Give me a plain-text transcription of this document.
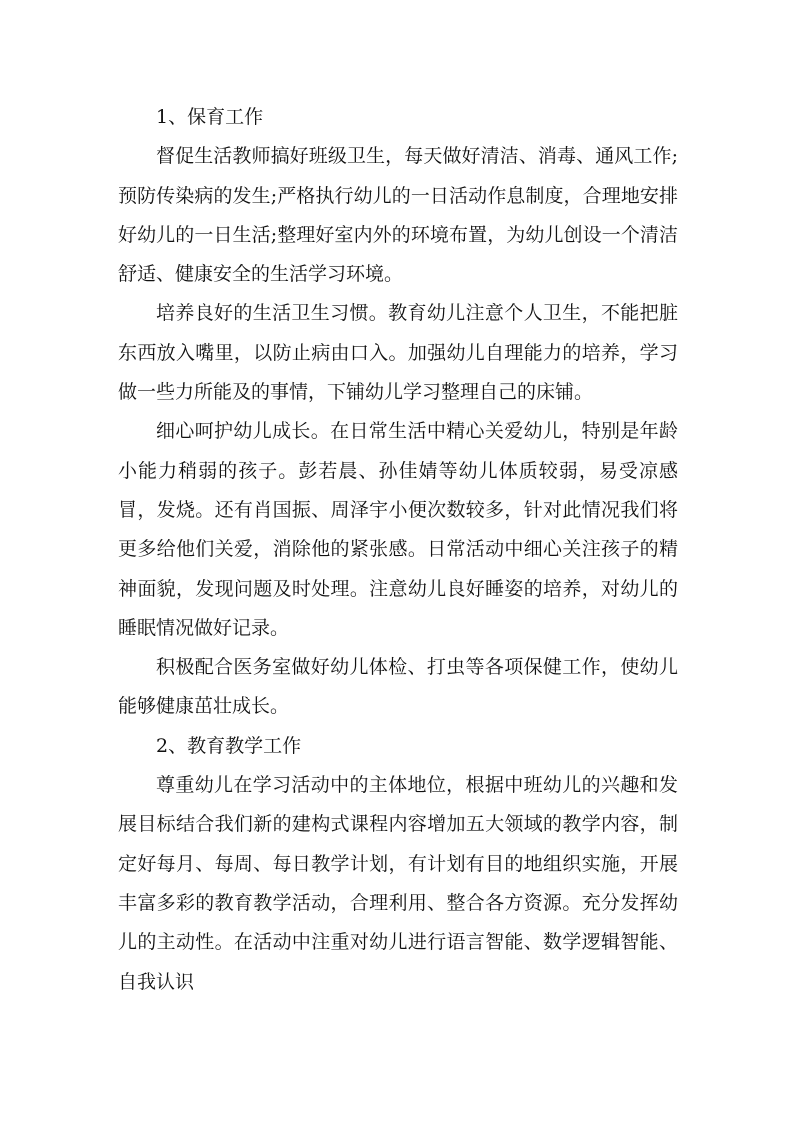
1、保育工作

督促生活教师搞好班级卫生，每天做好清洁、消毒、通风工作;预防传染病的发生;严格执行幼儿的一日活动作息制度，合理地安排好幼儿的一日生活;整理好室内外的环境布置，为幼儿创设一个清洁舒适、健康安全的生活学习环境。

培养良好的生活卫生习惯。教育幼儿注意个人卫生，不能把脏东西放入嘴里，以防止病由口入。加强幼儿自理能力的培养，学习做一些力所能及的事情，下铺幼儿学习整理自己的床铺。

细心呵护幼儿成长。在日常生活中精心关爱幼儿，特别是年龄小能力稍弱的孩子。彭若晨、孙佳婧等幼儿体质较弱，易受凉感冒，发烧。还有肖国振、周泽宇小便次数较多，针对此情况我们将更多给他们关爱，消除他的紧张感。日常活动中细心关注孩子的精神面貌，发现问题及时处理。注意幼儿良好睡姿的培养，对幼儿的睡眠情况做好记录。

积极配合医务室做好幼儿体检、打虫等各项保健工作，使幼儿能够健康茁壮成长。

2、教育教学工作

尊重幼儿在学习活动中的主体地位，根据中班幼儿的兴趣和发展目标结合我们新的建构式课程内容增加五大领域的教学内容，制定好每月、每周、每日教学计划，有计划有目的地组织实施，开展丰富多彩的教育教学活动，合理利用、整合各方资源。充分发挥幼儿的主动性。在活动中注重对幼儿进行语言智能、数学逻辑智能、自我认识
